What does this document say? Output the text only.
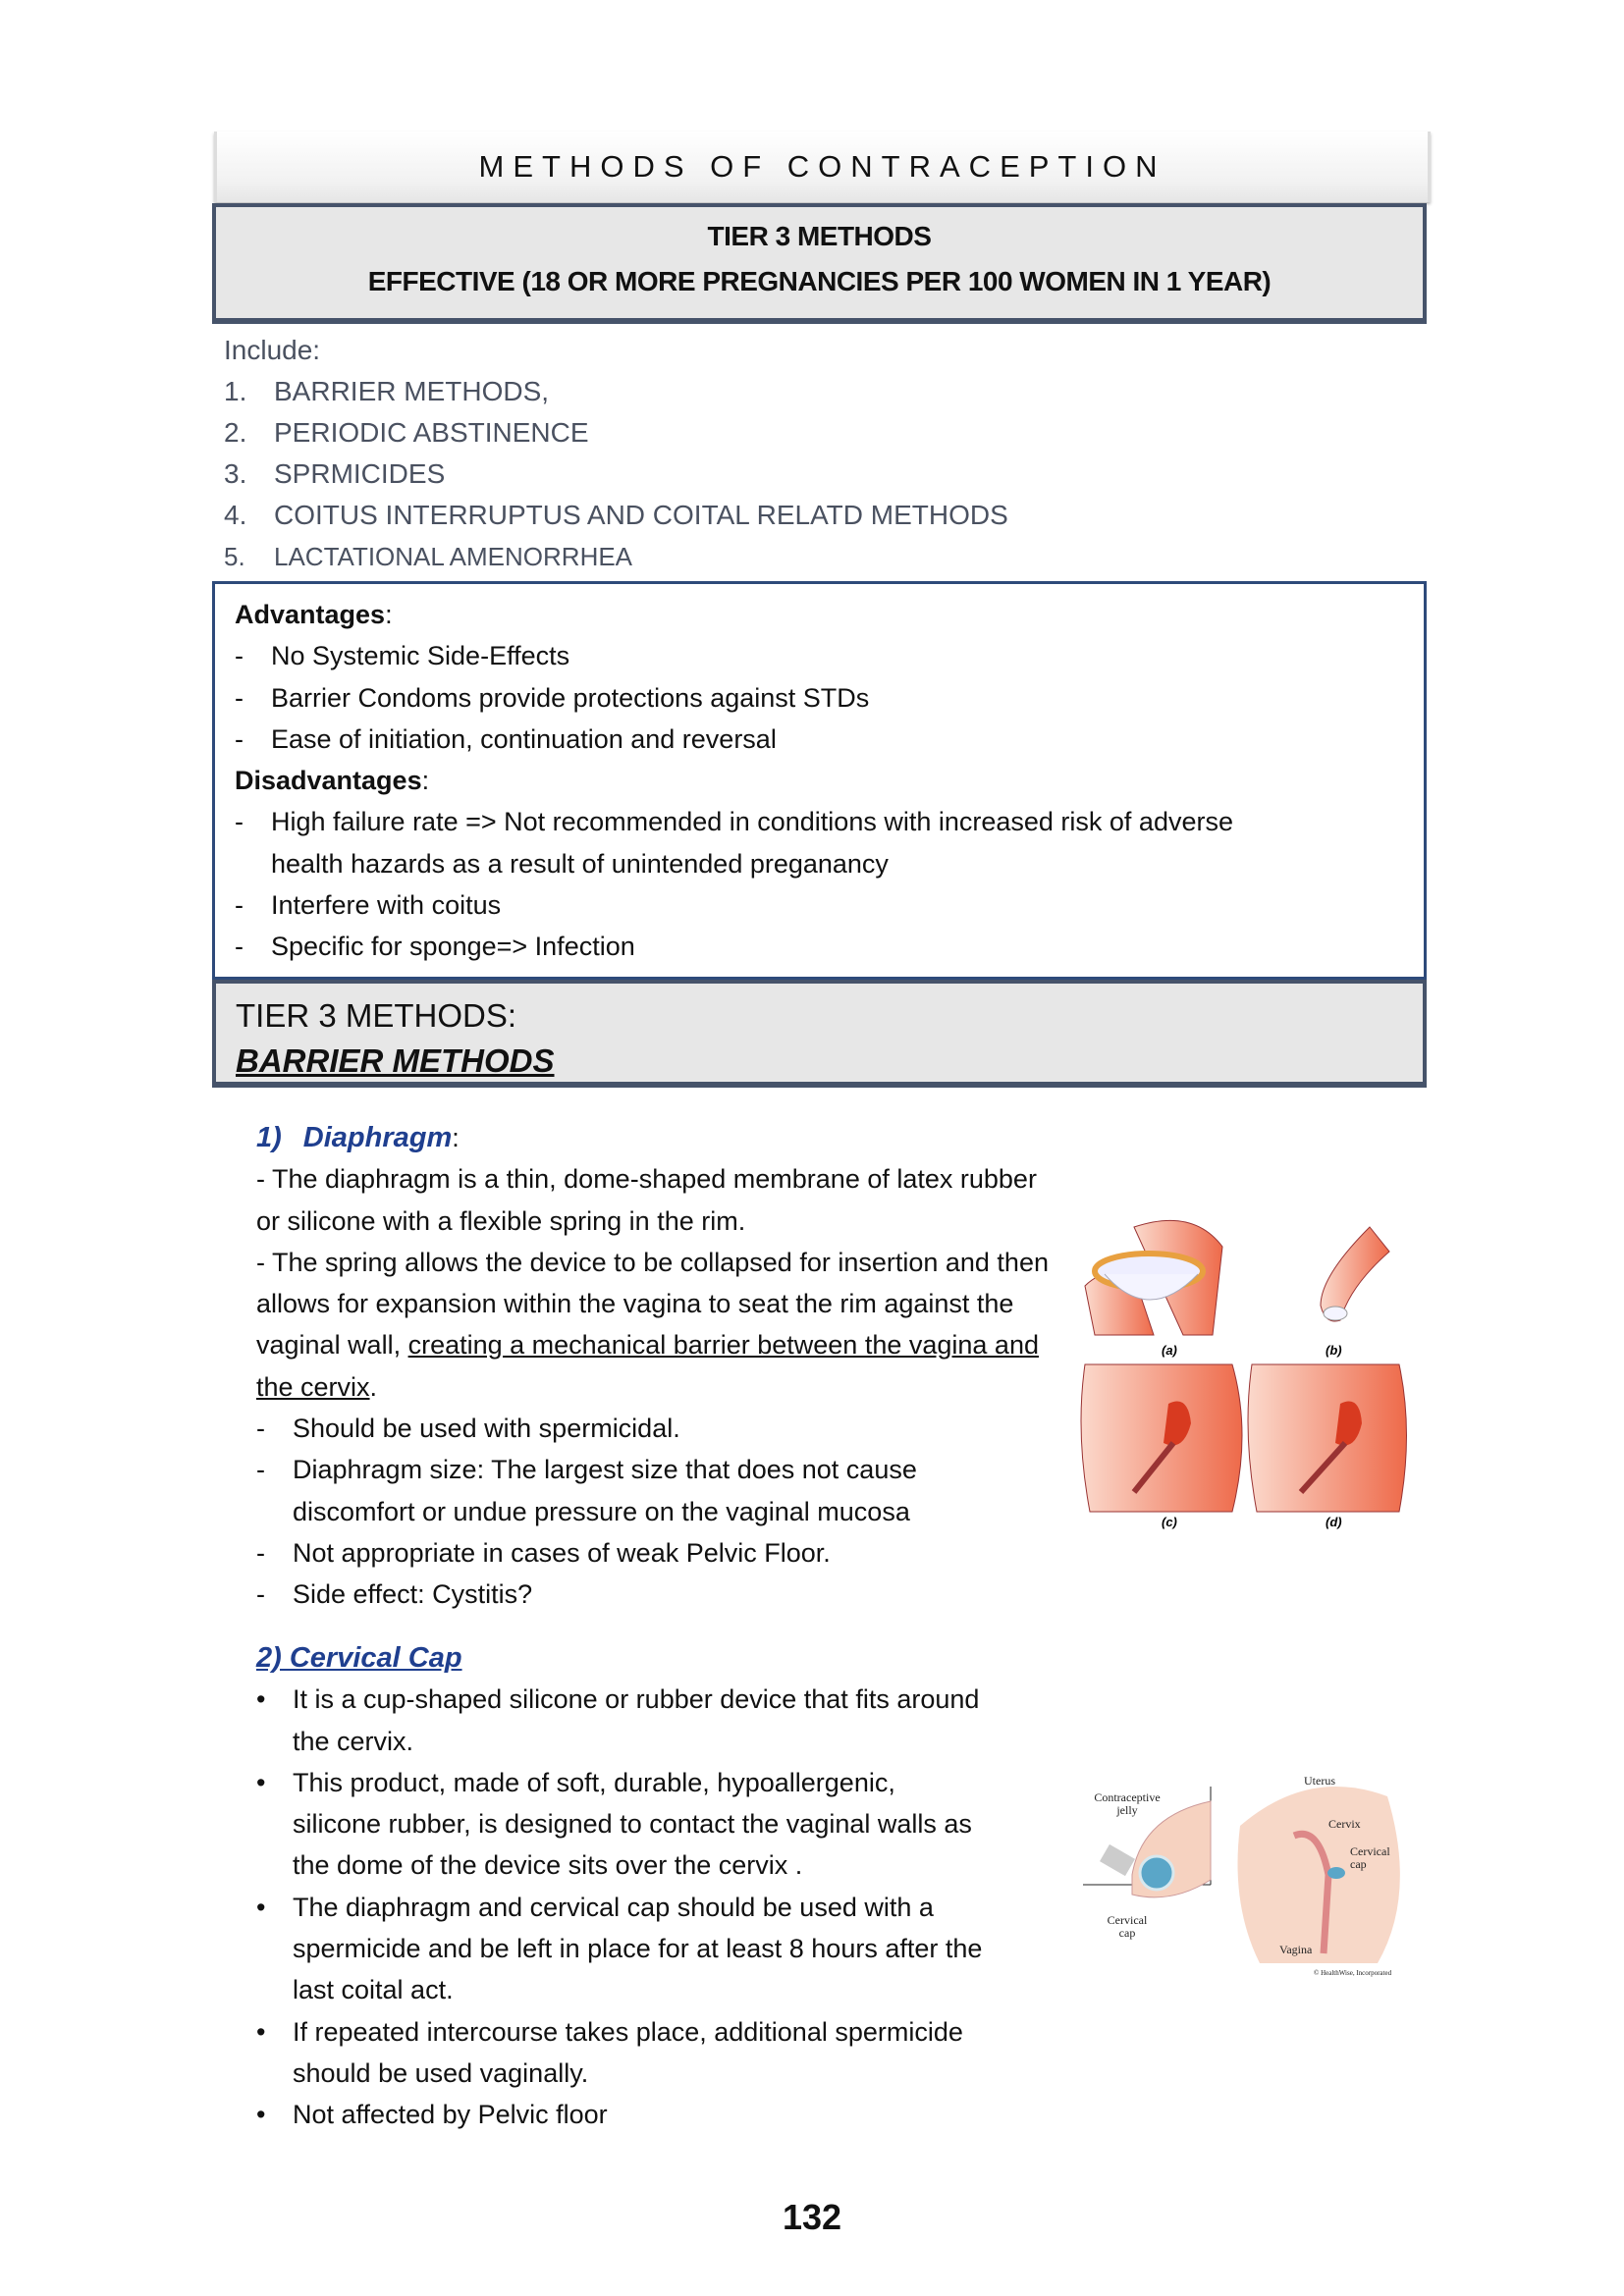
METHODS OF CONTRACEPTION
TIER 3 METHODS
EFFECTIVE (18 OR MORE PREGNANCIES PER 100 WOMEN IN 1 YEAR)
Include:
1. BARRIER METHODS,
2. PERIODIC ABSTINENCE
3. SPRMICIDES
4. COITUS INTERRUPTUS AND COITAL RELATD METHODS
5. LACTATIONAL AMENORRHEA
Advantages:
- No Systemic Side-Effects
- Barrier Condoms provide protections against STDs
- Ease of initiation, continuation and reversal
Disadvantages:
- High failure rate => Not recommended in conditions with increased risk of adverse
health hazards as a result of unintended preganancy
- Interfere with coitus
- Specific for sponge=> Infection
TIER 3 METHODS:
BARRIER METHODS
1) Diaphragm:
- The diaphragm is a thin, dome-shaped membrane of latex rubber or silicone with a flexible spring in the rim.
- The spring allows the device to be collapsed for insertion and then allows for expansion within the vagina to seat the rim against the vaginal wall, creating a mechanical barrier between the vagina and the cervix.
-	Should be used with spermicidal.
-	Diaphragm size: The largest size that does not cause discomfort or undue pressure on the vaginal mucosa
-	Not appropriate in cases of weak Pelvic Floor.
-	Side effect: Cystitis?
(a)	(b)
(c)	(d)
2) Cervical Cap
•	It is a cup-shaped silicone or rubber device that fits around the cervix.
•	This product, made of soft, durable, hypoallergenic, silicone rubber, is designed to contact the vaginal walls as the dome of the device sits over the cervix .
•	The diaphragm and cervical cap should be used with a spermicide and be left in place for at least 8 hours after the last coital act.
•	If repeated intercourse takes place, additional spermicide should be used vaginally.
•	Not affected by Pelvic floor
Contraceptive
jelly
Cervical
cap
Uterus
Cervix
Cervical
cap
Vagina
© HealthWise, Incorporated
132
